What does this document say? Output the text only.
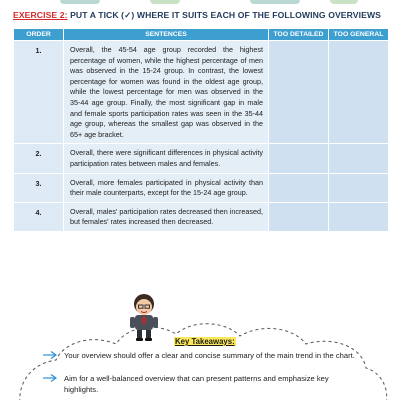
EXERCISE 2: PUT A TICK (✓) WHERE IT SUITS EACH OF THE FOLLOWING OVERVIEWS
ORDER	SENTENCES	TOO DETAILED	TOO GENERAL
1.	Overall, the 45-54 age group recorded the highest percentage of women, while the highest percentage of men was observed in the 15-24 group. In contrast, the lowest percentage for women was found in the oldest age group, while the lowest percentage for men was observed in the 35-44 age group. Finally, the most significant gap in male and female sports participation rates was seen in the 35-44 age group, whereas the smallest gap was observed in the 65+ age bracket.		
2.	Overall, there were significant differences in physical activity participation rates between males and females.		
3.	Overall, more females participated in physical activity than their male counterparts, except for the 15-24 age group.		
4.	Overall, males' participation rates decreased then increased, but females' rates increased then decreased.		
Key Takeaways:
Your overview should offer a clear and concise summary of the main trend in the chart.
Aim for a well-balanced overview that can present patterns and emphasize key highlights.
